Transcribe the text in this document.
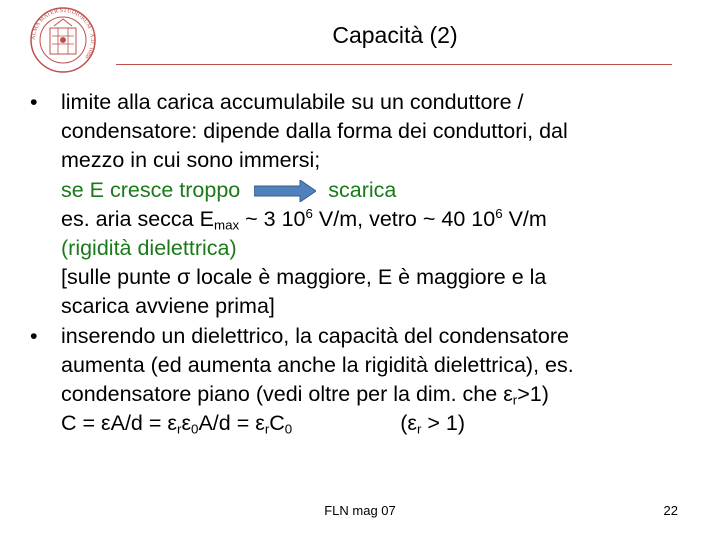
ALMA MATER STUDIORUM · A.D. 1088
Capacità (2)
• limite alla carica accumulabile su un conduttore /
condensatore: dipende dalla forma dei conduttori, dal
mezzo in cui sono immersi;
se E cresce troppo	scarica
es. aria secca $E_{max}$ ~ 3 $10^6$ V/m, vetro ~ 40 $10^6$ V/m
(rigidità dielettrica)
[sulle punte σ locale è maggiore, E è maggiore e la
scarica avviene prima]
• inserendo un dielettrico, la capacità del condensatore
aumenta (ed aumenta anche la rigidità dielettrica), es.
condensatore piano (vedi oltre per la dim. che $\varepsilon_r>1$)
$C = \varepsilon A/d = \varepsilon_r\varepsilon_0A/d = \varepsilon_rC_0$	$(\varepsilon_r > 1)$
FLN mag 07	22
